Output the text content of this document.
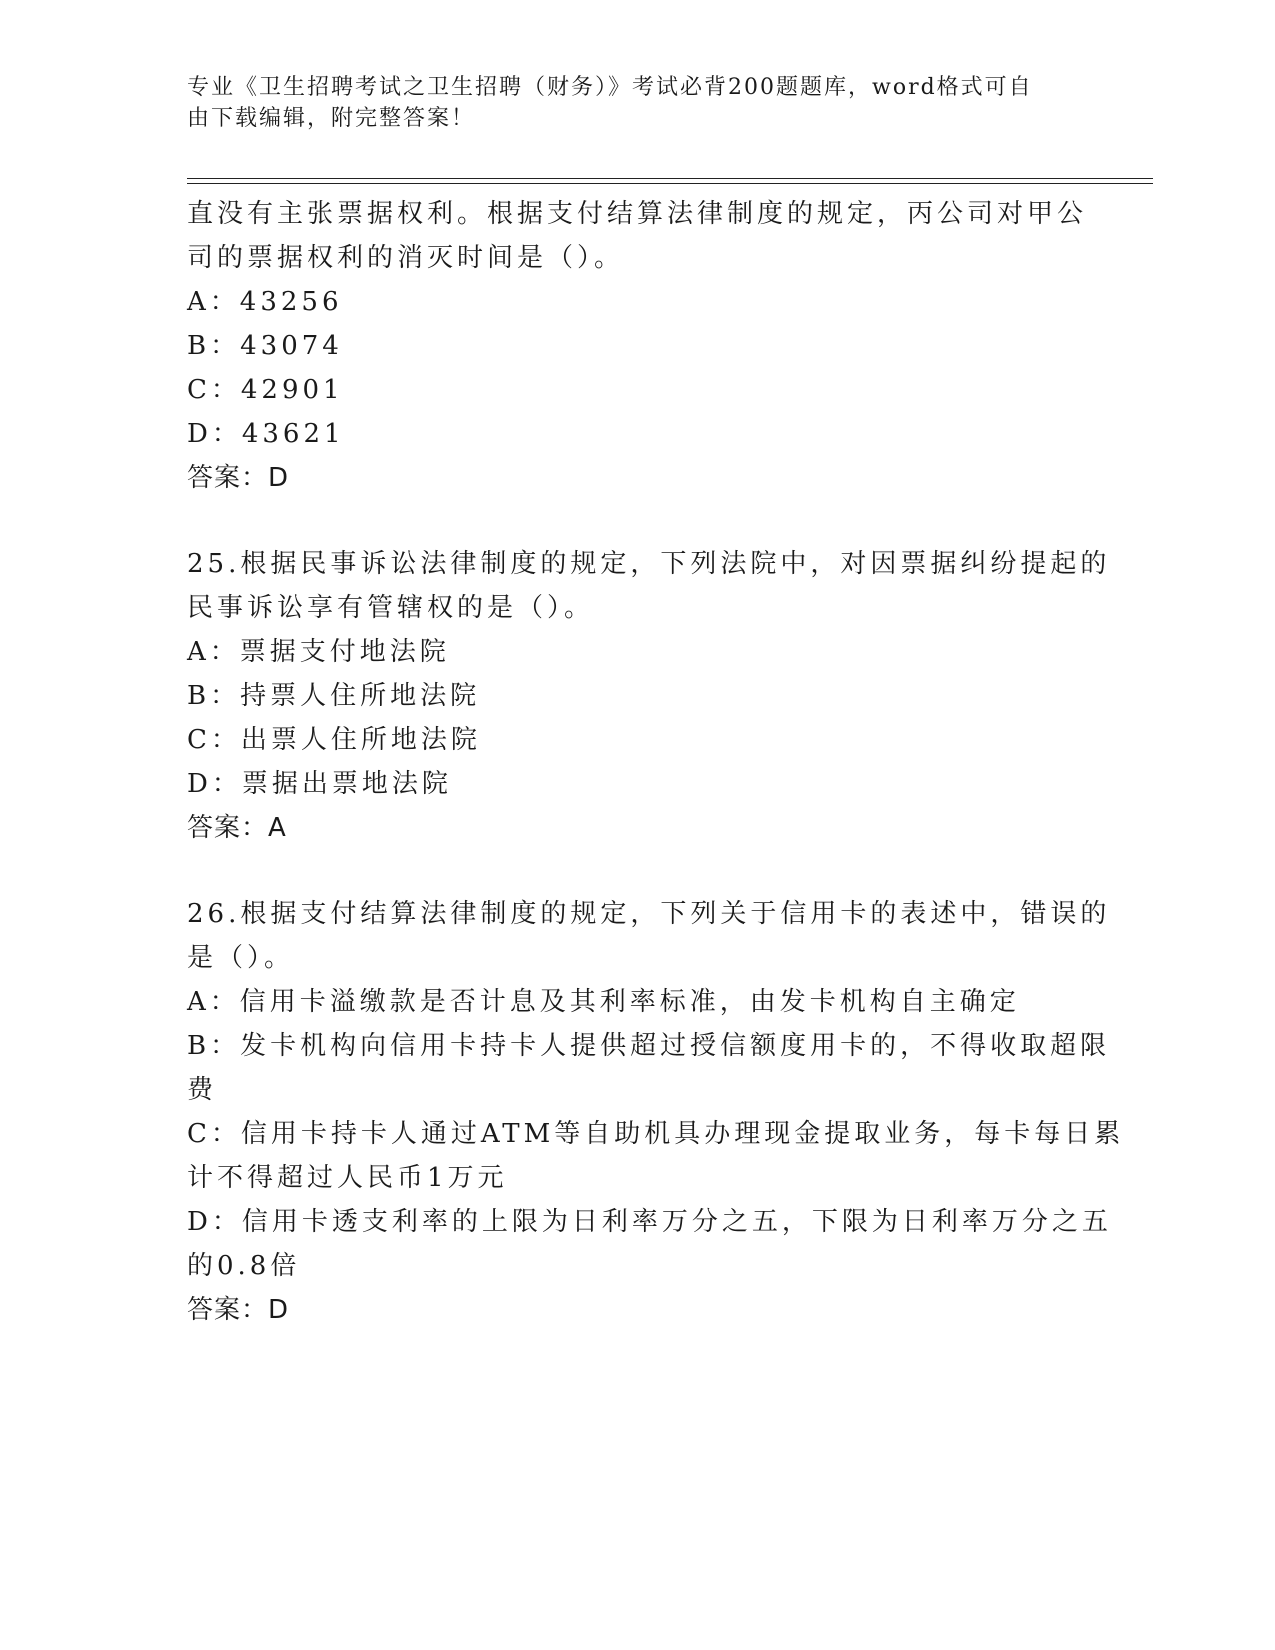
专业《卫生招聘考试之卫生招聘（财务）》考试必背200题题库，word格式可自
由下载编辑，附完整答案！
直没有主张票据权利。根据支付结算法律制度的规定，丙公司对甲公
司的票据权利的消灭时间是（）。
A：43256
B：43074
C：42901
D：43621
答案：D
25.根据民事诉讼法律制度的规定，下列法院中，对因票据纠纷提起的
民事诉讼享有管辖权的是（）。
A：票据支付地法院
B：持票人住所地法院
C：出票人住所地法院
D：票据出票地法院
答案：A
26.根据支付结算法律制度的规定，下列关于信用卡的表述中，错误的
是（）。
A：信用卡溢缴款是否计息及其利率标准，由发卡机构自主确定
B：发卡机构向信用卡持卡人提供超过授信额度用卡的，不得收取超限
费
C：信用卡持卡人通过ATM等自助机具办理现金提取业务，每卡每日累
计不得超过人民币1万元
D：信用卡透支利率的上限为日利率万分之五，下限为日利率万分之五
的0.8倍
答案：D
